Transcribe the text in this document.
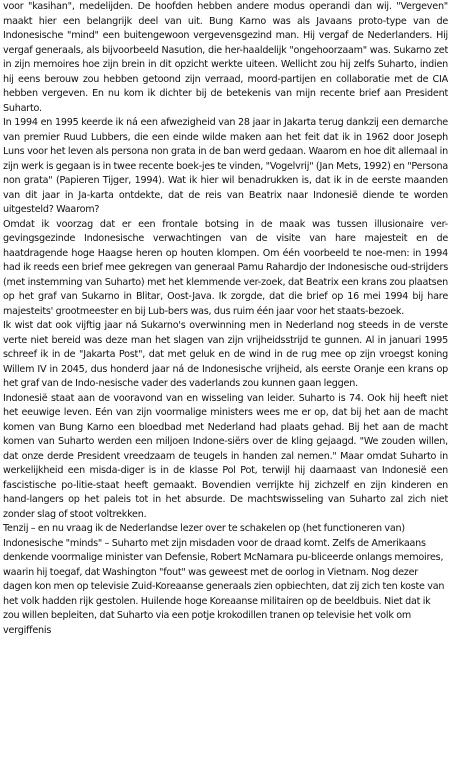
voor "kasihan", medelijden. De hoofden hebben andere modus operandi dan wij. "Vergeven" maakt hier een belangrijk deel van uit. Bung Karno was als Javaans proto-type van de Indonesische "mind" een buitengewoon vergevensgezind man. Hij vergaf de Nederlanders. Hij vergaf generaals, als bijvoorbeeld Nasution, die her-haaldelijk "ongehoorzaam" was. Sukarno zet in zijn memoires hoe zijn brein in dit opzicht werkte uiteen. Wellicht zou hij zelfs Suharto, indien hij eens berouw zou hebben getoond zijn verraad, moord-partijen en collaboratie met de CIA hebben vergeven. En nu kom ik dichter bij de betekenis van mijn recente brief aan President Suharto.

In 1994 en 1995 keerde ik ná een afwezigheid van 28 jaar in Jakarta terug dankzij een demarche van premier Ruud Lubbers, die een einde wilde maken aan het feit dat ik in 1962 door Joseph Luns voor het leven als persona non grata in de ban werd gedaan. Waarom en hoe dit allemaal in zijn werk is gegaan is in twee recente boek-jes te vinden, "Vogelvrij" (Jan Mets, 1992) en "Persona non grata" (Papieren Tijger, 1994). Wat ik hier wil benadrukken is, dat ik in de eerste maanden van dit jaar in Ja-karta ontdekte, dat de reis van Beatrix naar Indonesië diende te worden uitgesteld? Waarom?

Omdat ik voorzag dat er een frontale botsing in de maak was tussen illusionaire ver-gevingsgezinde Indonesische verwachtingen van de visite van hare majesteit en de haatdragende hoge Haagse heren op houten klompen. Om één voorbeeld te noe-men: in 1994 had ik reeds een brief mee gekregen van generaal Pamu Rahardjo der Indonesische oud-strijders (met instemming van Suharto) met het klemmende ver-zoek, dat Beatrix een krans zou plaatsen op het graf van Sukarno in Blitar, Oost-Java. Ik zorgde, dat die brief op 16 mei 1994 bij hare majesteits' grootmeester en bij Lub-bers was, dus ruim één jaar voor het staats-bezoek.

Ik wist dat ook vijftig jaar ná Sukarno's overwinning men in Nederland nog steeds in de verste verte niet bereid was deze man het slagen van zijn vrijheidsstrijd te gunnen. Al in januari 1995 schreef ik in de "Jakarta Post", dat met geluk en de wind in de rug mee op zijn vroegst koning Willem IV in 2045, dus honderd jaar ná de Indonesische vrijheid, als eerste Oranje een krans op het graf van de Indo-nesische vader des vaderlands zou kunnen gaan leggen.

Indonesië staat aan de vooravond van en wisseling van leider. Suharto is 74. Ook hij heeft niet het eeuwige leven. Eén van zijn voormalige ministers wees me er op, dat bij het aan de macht komen van Bung Karno een bloedbad met Nederland had plaats gehad. Bij het aan de macht komen van Suharto werden een miljoen Indone-siërs over de kling gejaagd. "We zouden willen, dat onze derde President vreedzaam de teugels in handen zal nemen." Maar omdat Suharto in werkelijkheid een misda-diger is in de klasse Pol Pot, terwijl hij daarnaast van Indonesië een fascistische po-litie-staat heeft gemaakt. Bovendien verrijkte hij zichzelf en zijn kinderen en hand-langers op het paleis tot in het absurde. De machtswisseling van Suharto zal zich niet zonder slag of stoot voltrekken.

Tenzij – en nu vraag ik de Nederlandse lezer over te schakelen op (het functioneren van) Indonesische "minds" – Suharto met zijn misdaden voor de draad komt. Zelfs de Amerikaans denkende voormalige minister van Defensie, Robert McNamara pu-bliceerde onlangs memoires, waarin hij toegaf, dat Washington "fout" was geweest met de oorlog in Vietnam. Nog dezer dagen kon men op televisie Zuid-Koreaanse generaals zien opbiechten, dat zij zich ten koste van het volk hadden rijk gestolen. Huilende hoge Koreaanse militairen op de beeldbuis. Niet dat ik zou willen bepleiten, dat Suharto via een potje krokodillen tranen op televisie het volk om vergiffenis
